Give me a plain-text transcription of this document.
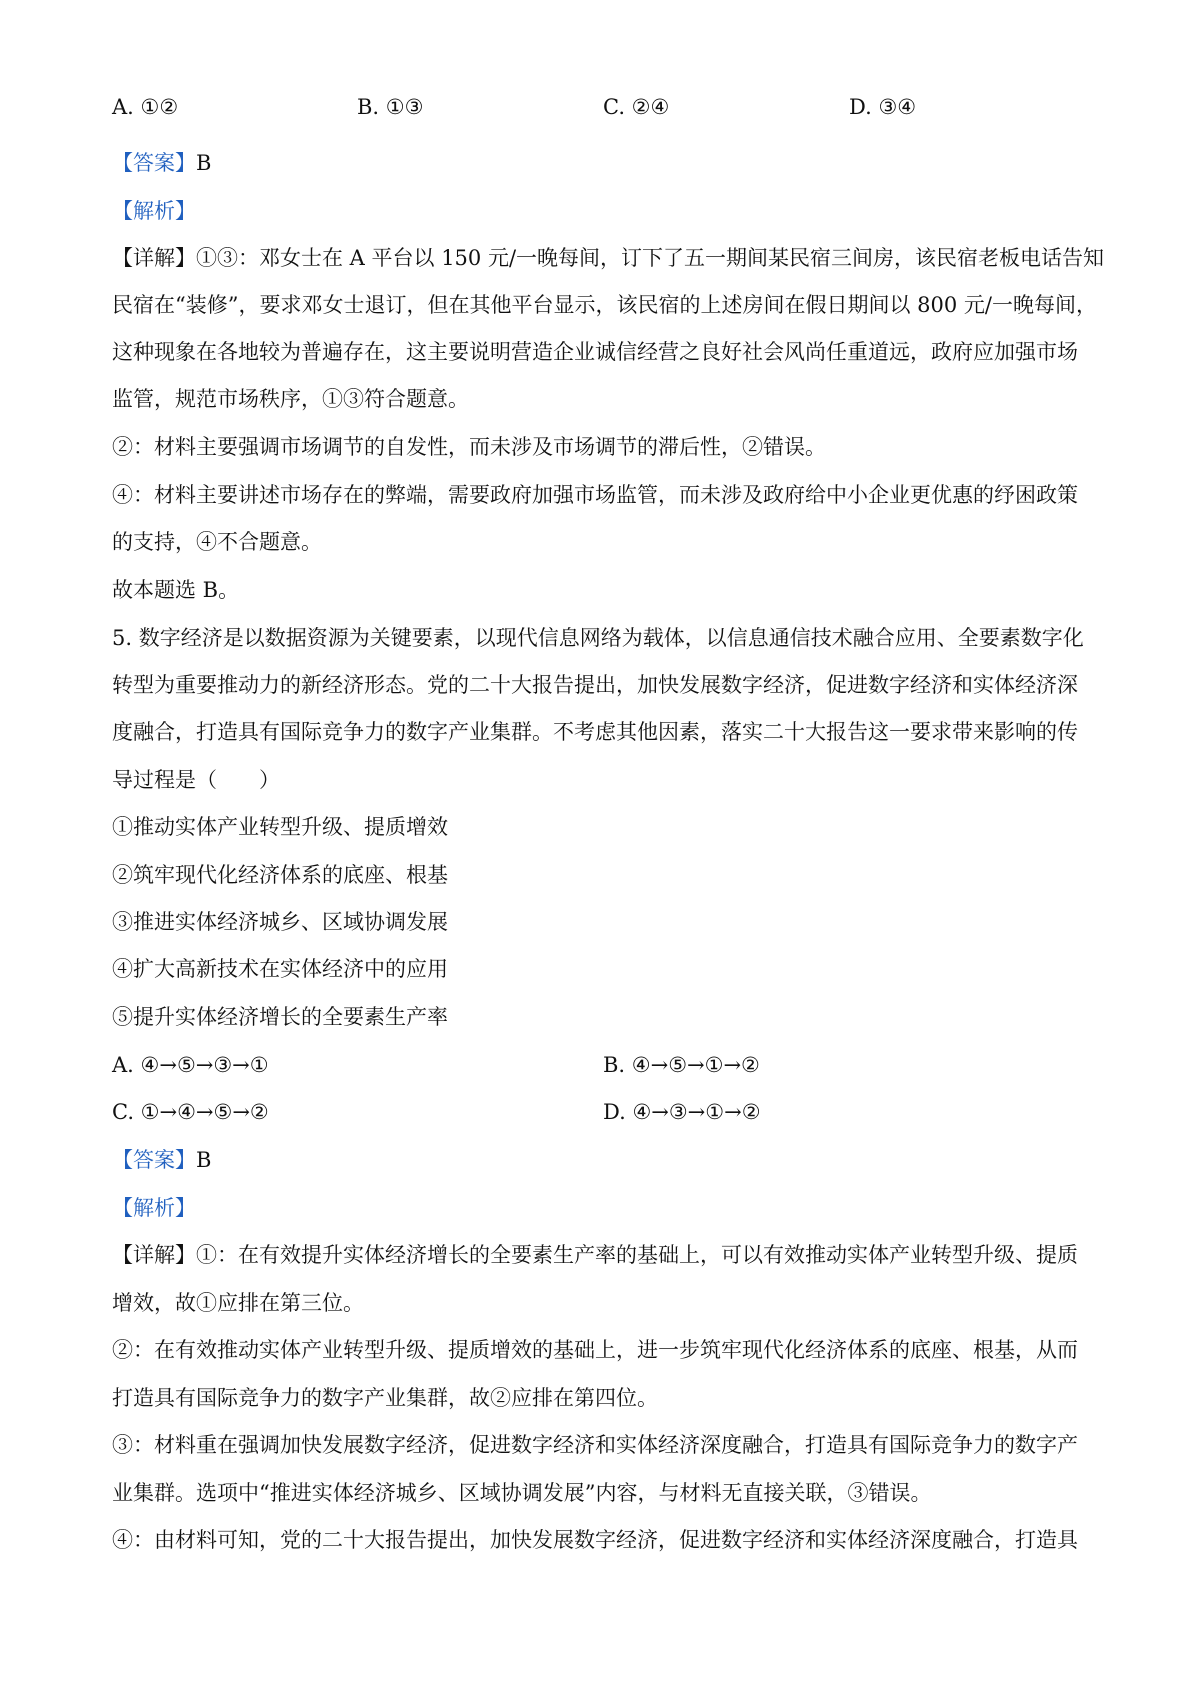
A. ①②	B. ①③	C. ②④	D. ③④
【答案】B
【解析】
【详解】①③：邓女士在 A 平台以 150 元/一晚每间，订下了五一期间某民宿三间房，该民宿老板电话告知
民宿在“装修”，要求邓女士退订，但在其他平台显示，该民宿的上述房间在假日期间以 800 元/一晚每间，
这种现象在各地较为普遍存在，这主要说明营造企业诚信经营之良好社会风尚任重道远，政府应加强市场
监管，规范市场秩序，①③符合题意。
②：材料主要强调市场调节的自发性，而未涉及市场调节的滞后性，②错误。
④：材料主要讲述市场存在的弊端，需要政府加强市场监管，而未涉及政府给中小企业更优惠的纾困政策
的支持，④不合题意。
故本题选 B。
5. 数字经济是以数据资源为关键要素，以现代信息网络为载体，以信息通信技术融合应用、全要素数字化
转型为重要推动力的新经济形态。党的二十大报告提出，加快发展数字经济，促进数字经济和实体经济深
度融合，打造具有国际竞争力的数字产业集群。不考虑其他因素，落实二十大报告这一要求带来影响的传
导过程是（　　）
①推动实体产业转型升级、提质增效
②筑牢现代化经济体系的底座、根基
③推进实体经济城乡、区域协调发展
④扩大高新技术在实体经济中的应用
⑤提升实体经济增长的全要素生产率
A. ④→⑤→③→①	B. ④→⑤→①→②
C. ①→④→⑤→②	D. ④→③→①→②
【答案】B
【解析】
【详解】①：在有效提升实体经济增长的全要素生产率的基础上，可以有效推动实体产业转型升级、提质
增效，故①应排在第三位。
②：在有效推动实体产业转型升级、提质增效的基础上，进一步筑牢现代化经济体系的底座、根基，从而
打造具有国际竞争力的数字产业集群，故②应排在第四位。
③：材料重在强调加快发展数字经济，促进数字经济和实体经济深度融合，打造具有国际竞争力的数字产
业集群。选项中“推进实体经济城乡、区域协调发展”内容，与材料无直接关联，③错误。
④：由材料可知，党的二十大报告提出，加快发展数字经济，促进数字经济和实体经济深度融合，打造具
